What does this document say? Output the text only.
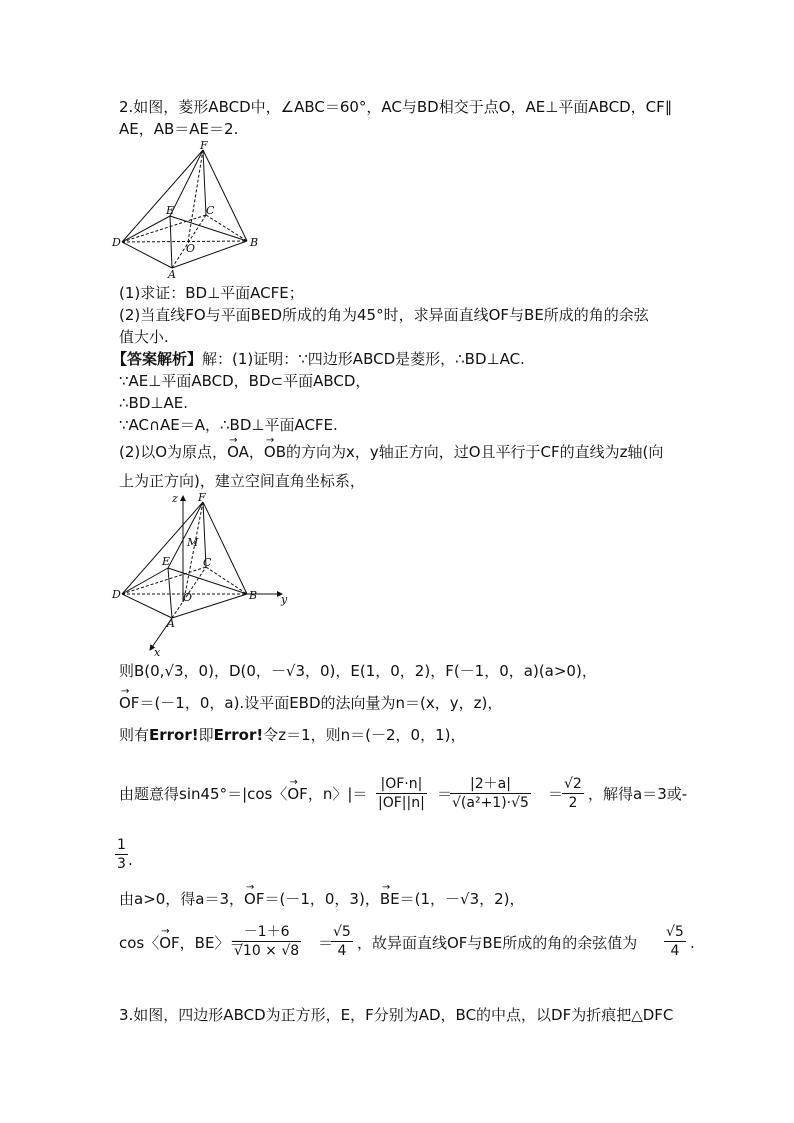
2.如图，菱形ABCD中，∠ABC＝60°，AC与BD相交于点O，AE⊥平面ABCD，CF∥
AE，AB＝AE＝2.
F
E	C
D	B
O
A
(1)求证：BD⊥平面ACFE；
(2)当直线FO与平面BED所成的角为45°时，求异面直线OF与BE所成的角的余弦
值大小.
【答案解析】解：(1)证明：∵四边形ABCD是菱形，∴BD⊥AC.
∵AE⊥平面ABCD，BD⊂平面ABCD，
∴BD⊥AE.
∵AC∩AE＝A，∴BD⊥平面ACFE.
(2)以O为原点，→ OA，→ OB的方向为x，y轴正方向，过O且平行于CF的直线为z轴(向
上为正方向)，建立空间直角坐标系，
z F
M
E	C
D	B y
O
A
x
则B(0,√3，0)，D(0，－√3，0)，E(1，0，2)，F(－1，0，a)(a>0)，
→ OF＝(－1，0，a).设平面EBD的法向量为n＝(x，y，z)，
则有Error!即Error!令z＝1，则n＝(－2，0，1)，
由题意得sin45°＝|cos〈→ OF，n〉|＝ $\frac{|OF\cdot n|}{|OF||n|}$ ＝
$\frac{|2+a|}{\text{√(a²+1)·√5}}$ ＝
$\frac{√2}{2}$ ，解得a＝3或-
$\frac{1}{3}$ .
由a>0，得a＝3，→ OF＝(－1，0，3)，→ BE＝(1，－√3，2)，
cos〈→ OF，BE〉＝
$\frac{-1+6}{√10 \times √8}$ ＝
$\frac{√5}{4}$ ，故异面直线OF与BE所成的角的余弦值为 $\frac{√5}{4}$ .
3.如图，四边形ABCD为正方形，E，F分别为AD，BC的中点，以DF为折痕把△DFC
